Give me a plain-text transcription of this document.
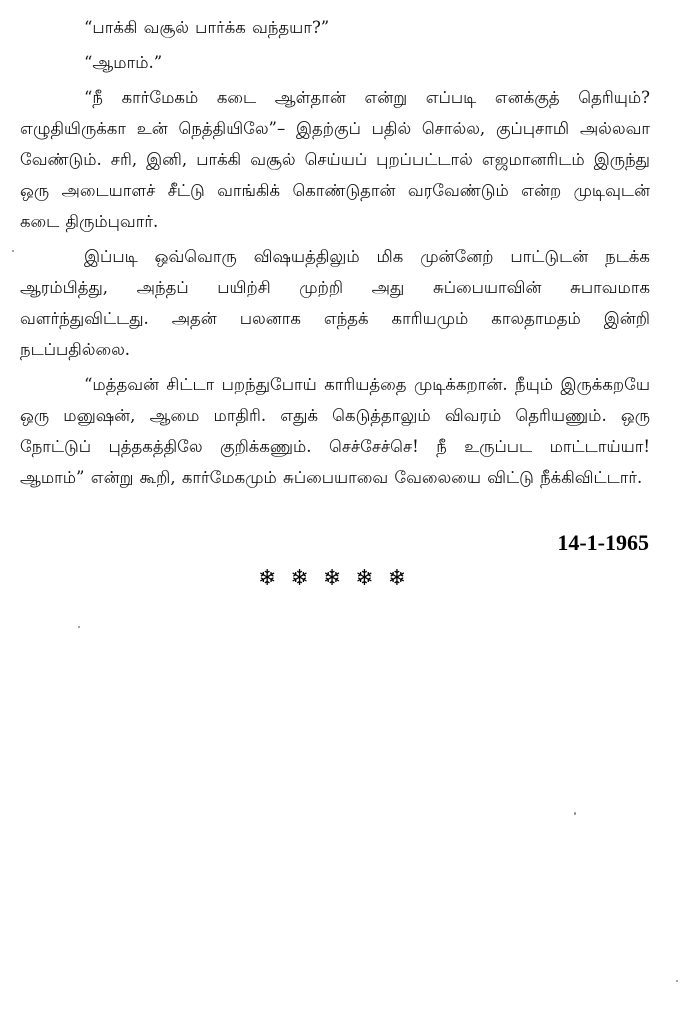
“பாக்கி வசூல் பார்க்க வந்தயா?”

“ஆமாம்.”

“நீ கார்மேகம் கடை ஆள்தான் என்று எப்படி எனக்குத் தெரியும்? எழுதியிருக்கா உன் நெத்தியிலே”– இதற்குப் பதில் சொல்ல, குப்புசாமி அல்லவா வேண்டும். சரி, இனி, பாக்கி வசூல் செய்யப் புறப்பட்டால் எஜமானரிடம் இருந்து ஒரு அடையாளச் சீட்டு வாங்கிக் கொண்டுதான் வரவேண்டும் என்ற முடிவுடன் கடை திரும்புவார்.

இப்படி ஒவ்வொரு விஷயத்திலும் மிக முன்னேற் பாட்டுடன் நடக்க ஆரம்பித்து, அந்தப் பயிற்சி முற்றி அது சுப்பையாவின் சுபாவமாக வளர்ந்துவிட்டது. அதன் பலனாக எந்தக் காரியமும் காலதாமதம் இன்றி நடப்பதில்லை.

“மத்தவன் சிட்டா பறந்துபோய் காரியத்தை முடிக்கறான். நீயும் இருக்கறயே ஒரு மனுஷன், ஆமை மாதிரி. எதுக் கெடுத்தாலும் விவரம் தெரியணும். ஒரு நோட்டுப் புத்தகத்திலே குறிக்கணும். செச்சேச்செ! நீ உருப்பட மாட்டாய்யா! ஆமாம்” என்று கூறி, கார்மேகமும் சுப்பையாவை வேலையை விட்டு நீக்கிவிட்டார்.

14-1-1965
❄❄❄❄❄
